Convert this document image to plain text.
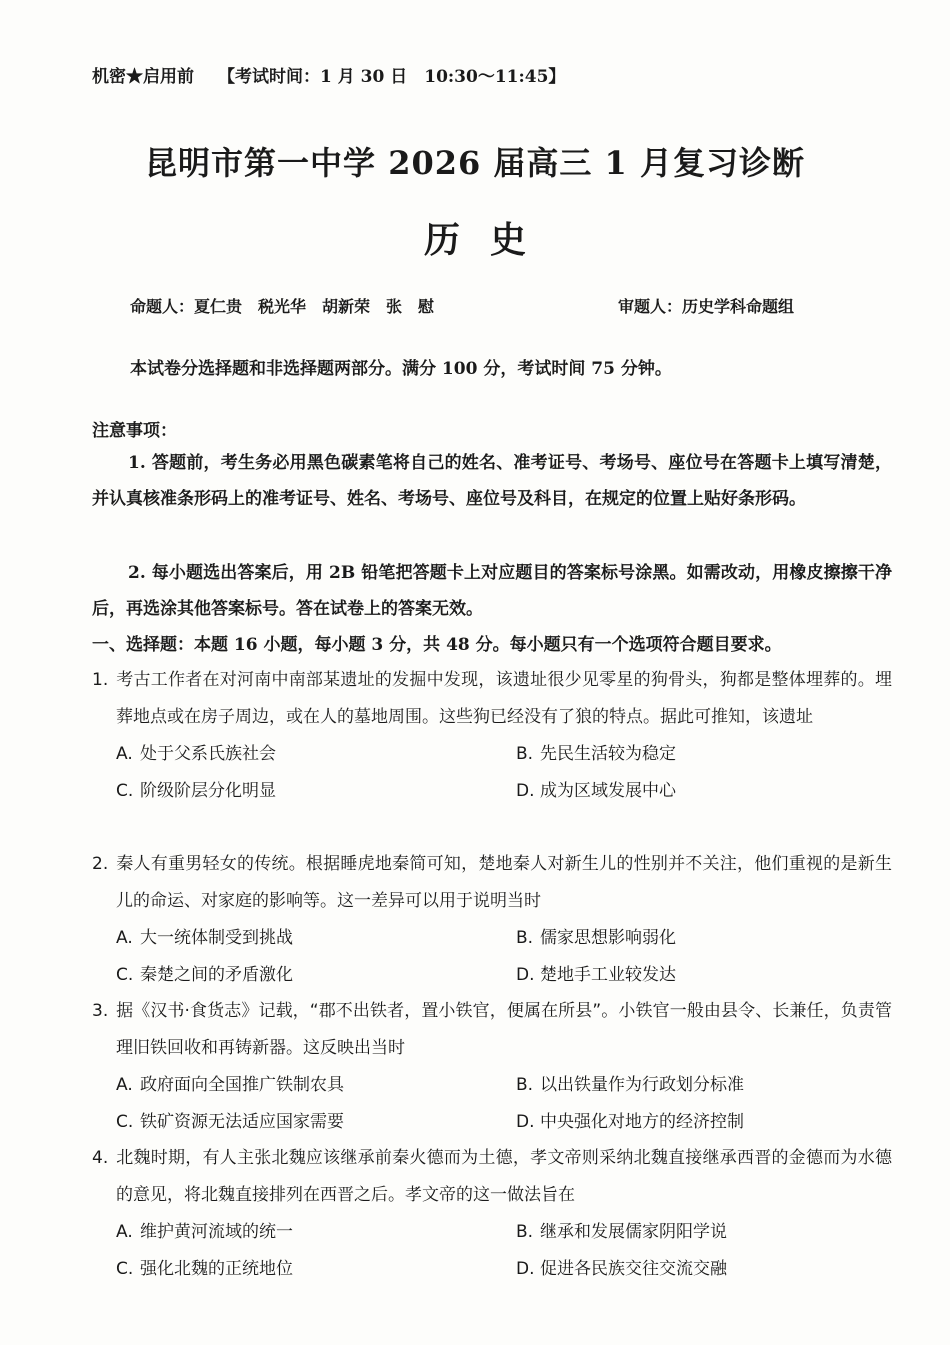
机密★启用前 【考试时间：1 月 30 日　10:30～11:45】
昆明市第一中学 2026 届高三 1 月复习诊断
历史
命题人：夏仁贵　税光华　胡新荣　张　慰	审题人：历史学科命题组
本试卷分选择题和非选择题两部分。满分 100 分，考试时间 75 分钟。
注意事项：
1. 答题前，考生务必用黑色碳素笔将自己的姓名、准考证号、考场号、座位号在答题卡上填写清楚，并认真核准条形码上的准考证号、姓名、考场号、座位号及科目，在规定的位置上贴好条形码。
2. 每小题选出答案后，用 2B 铅笔把答题卡上对应题目的答案标号涂黑。如需改动，用橡皮擦擦干净后，再选涂其他答案标号。答在试卷上的答案无效。
一、选择题：本题 16 小题，每小题 3 分，共 48 分。每小题只有一个选项符合题目要求。
1. 考古工作者在对河南中南部某遗址的发掘中发现，该遗址很少见零星的狗骨头，狗都是整体埋葬的。埋葬地点或在房子周边，或在人的墓地周围。这些狗已经没有了狼的特点。据此可推知，该遗址
A. 处于父系氏族社会	B. 先民生活较为稳定
C. 阶级阶层分化明显	D. 成为区域发展中心
2. 秦人有重男轻女的传统。根据睡虎地秦简可知，楚地秦人对新生儿的性别并不关注，他们重视的是新生儿的命运、对家庭的影响等。这一差异可以用于说明当时
A. 大一统体制受到挑战	B. 儒家思想影响弱化
C. 秦楚之间的矛盾激化	D. 楚地手工业较发达
3. 据《汉书·食货志》记载，“郡不出铁者，置小铁官，便属在所县”。小铁官一般由县令、长兼任，负责管理旧铁回收和再铸新器。这反映出当时
A. 政府面向全国推广铁制农具	B. 以出铁量作为行政划分标准
C. 铁矿资源无法适应国家需要	D. 中央强化对地方的经济控制
4. 北魏时期，有人主张北魏应该继承前秦火德而为土德，孝文帝则采纳北魏直接继承西晋的金德而为水德的意见，将北魏直接排列在西晋之后。孝文帝的这一做法旨在
A. 维护黄河流域的统一	B. 继承和发展儒家阴阳学说
C. 强化北魏的正统地位	D. 促进各民族交往交流交融
